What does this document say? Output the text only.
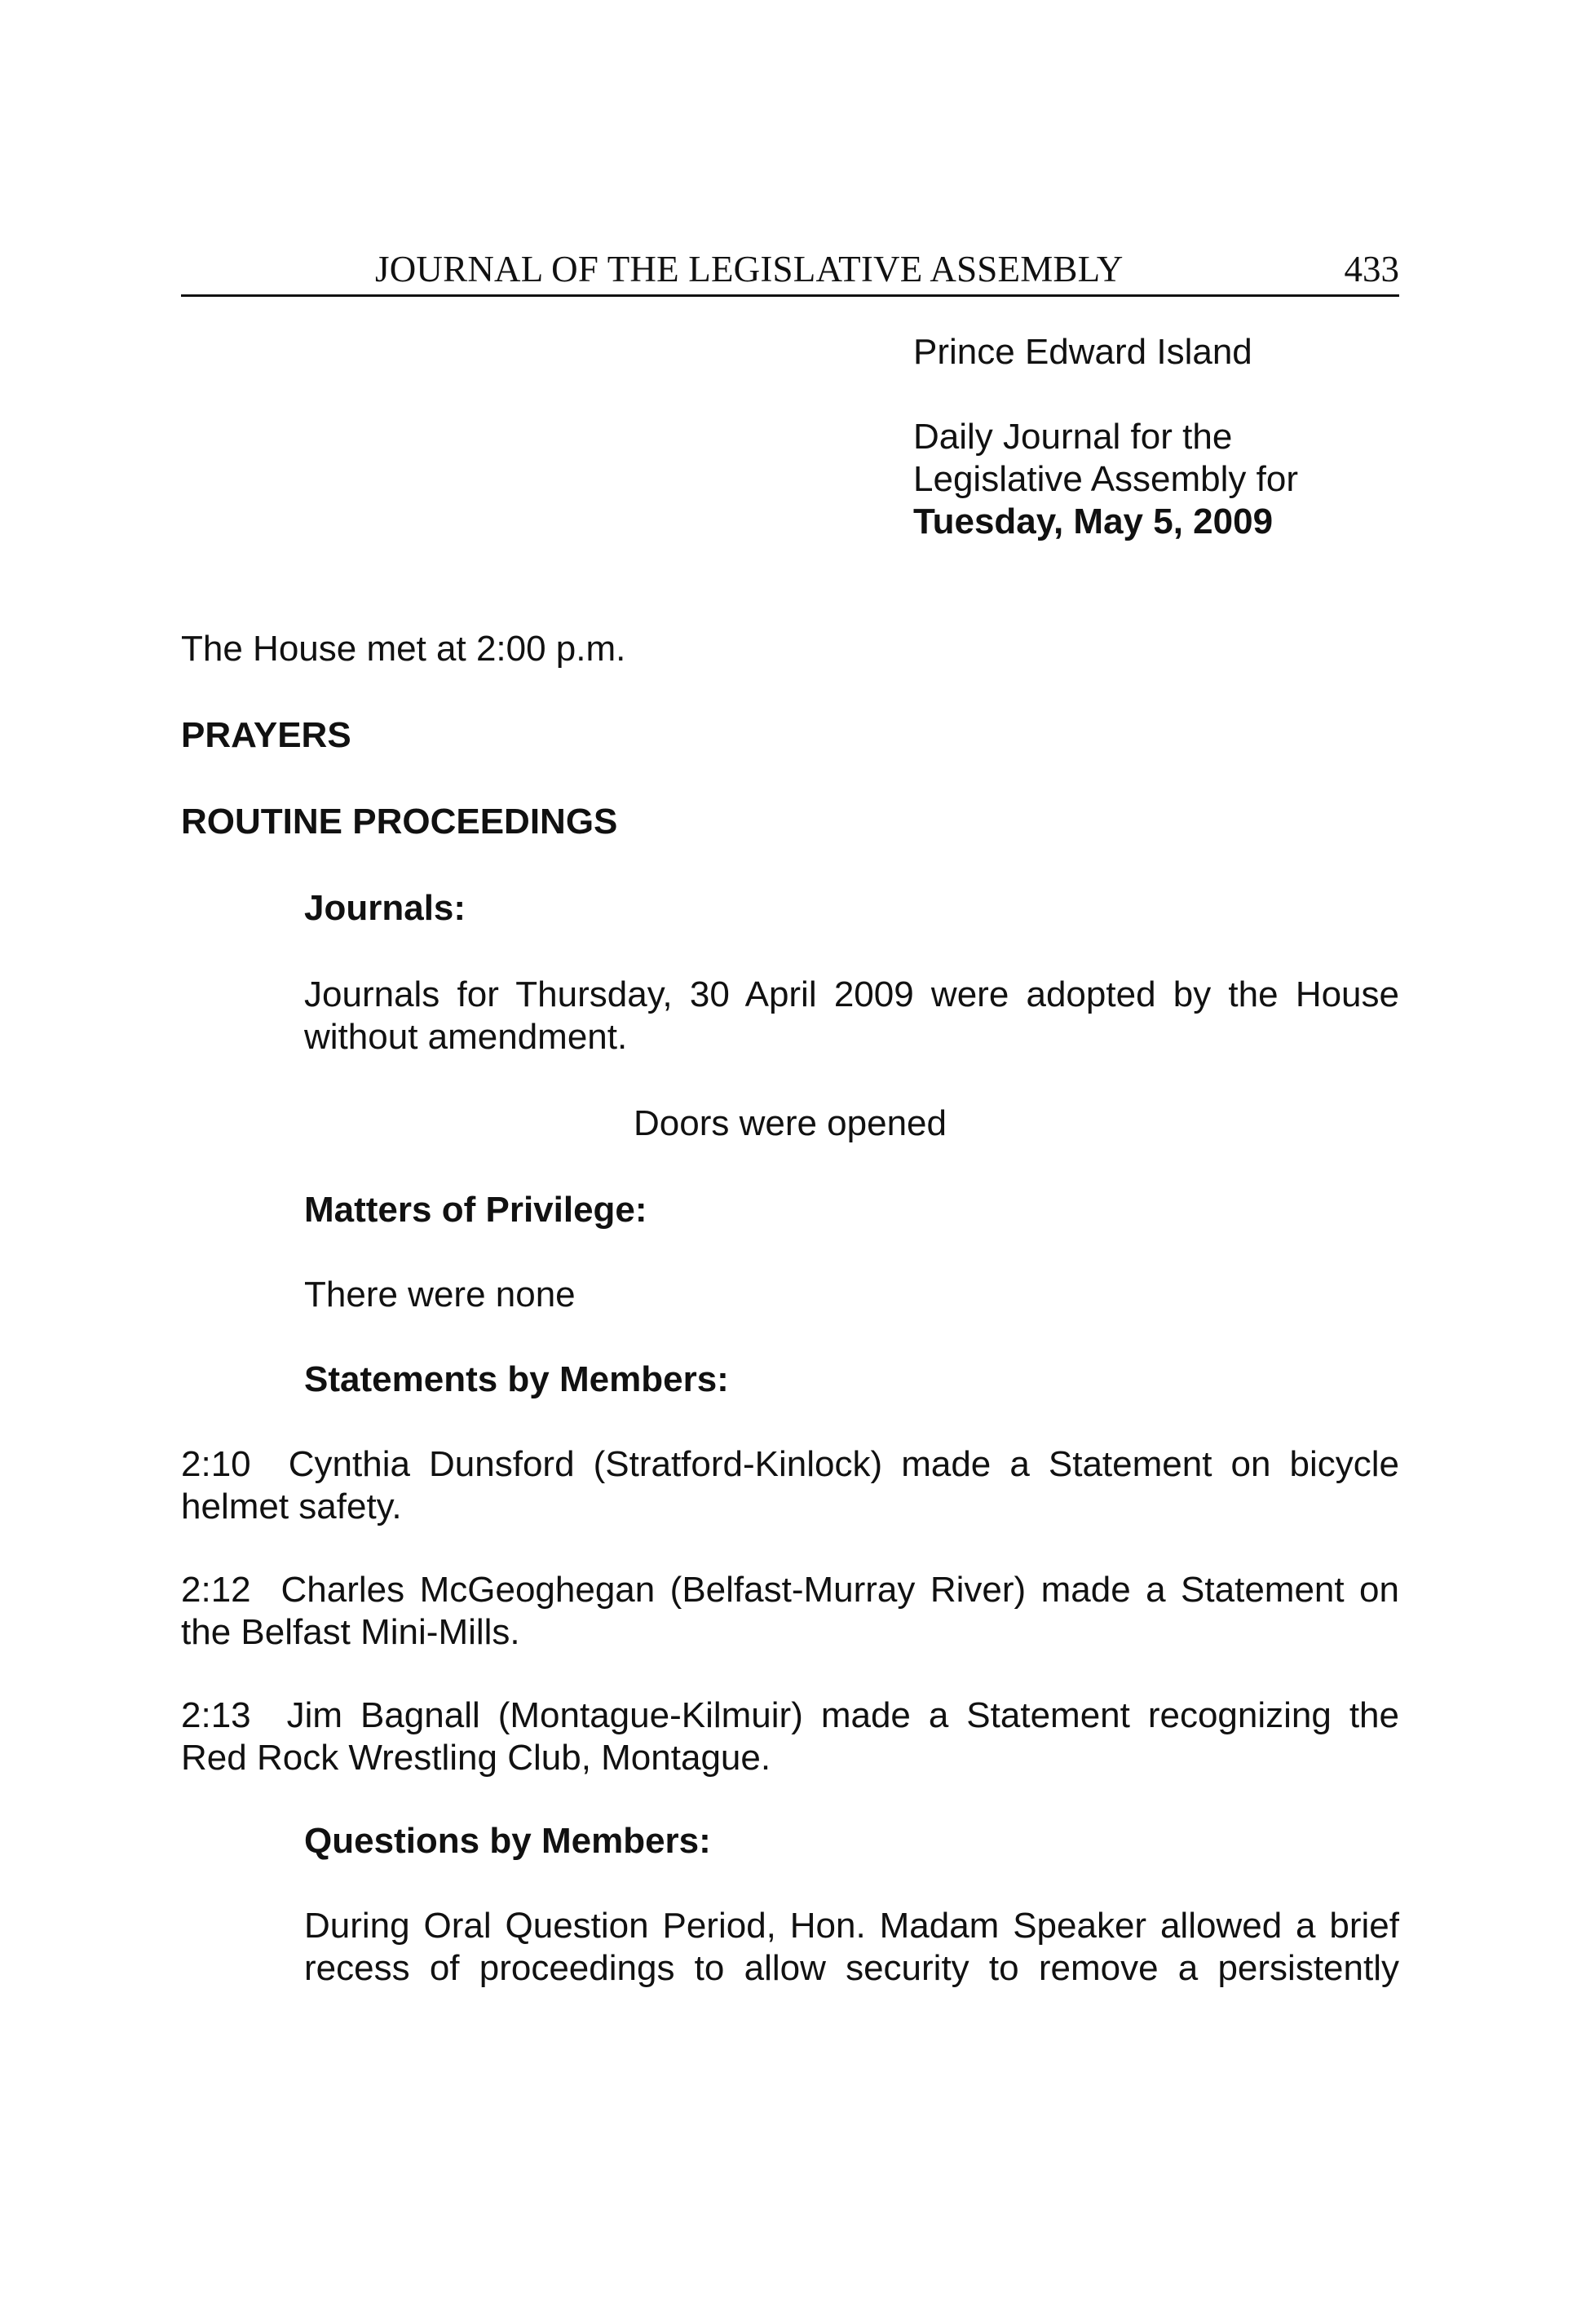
JOURNAL OF THE LEGISLATIVE ASSEMBLY	433

Prince Edward Island

Daily Journal for the

Legislative Assembly for

Tuesday, May 5, 2009

The House met at 2:00 p.m.

PRAYERS

ROUTINE PROCEEDINGS

Journals:

Journals for Thursday, 30 April 2009 were adopted by the House without amendment.

Doors were opened

Matters of Privilege:

There were none

Statements by Members:

2:10  Cynthia Dunsford (Stratford-Kinlock) made a Statement on bicycle helmet safety.

2:12  Charles McGeoghegan (Belfast-Murray River) made a Statement on the Belfast Mini-Mills.

2:13  Jim Bagnall (Montague-Kilmuir) made a Statement recognizing the Red Rock Wrestling Club, Montague.

Questions by Members:

During Oral Question Period, Hon. Madam Speaker allowed a brief recess of proceedings to allow security to remove a persistently
